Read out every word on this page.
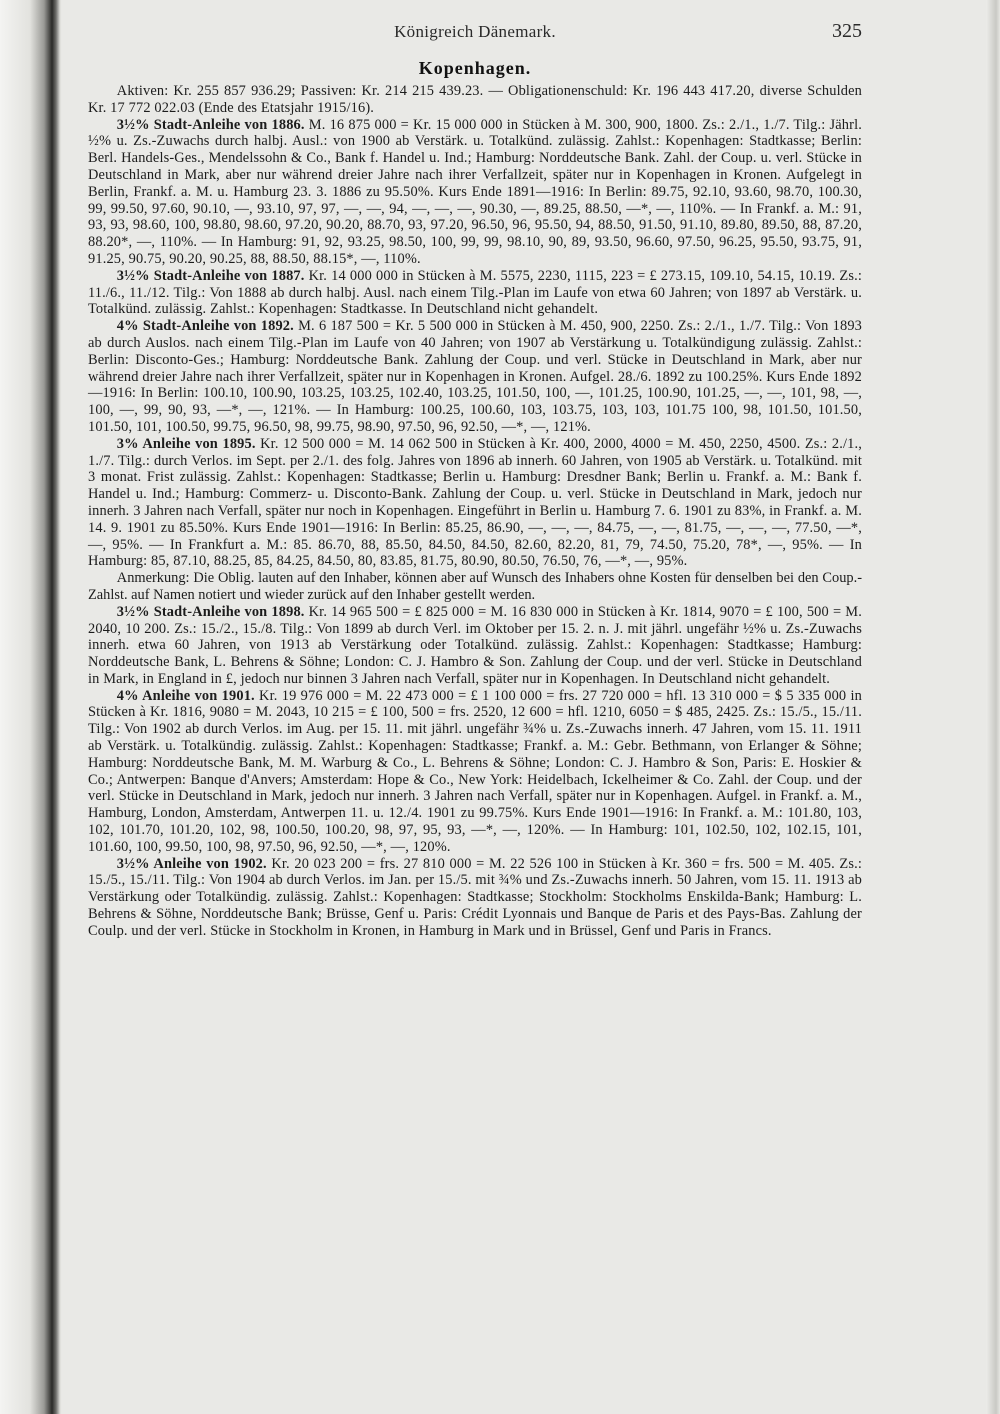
Königreich Dänemark.	325
Kopenhagen.

Aktiven: Kr. 255 857 936.29; Passiven: Kr. 214 215 439.23. — Obligationenschuld: Kr. 196 443 417.20, diverse Schulden Kr. 17 772 022.03 (Ende des Etatsjahr 1915/16).

3½% Stadt-Anleihe von 1886. M. 16 875 000 = Kr. 15 000 000 in Stücken à M. 300, 900, 1800. Zs.: 2./1., 1./7. Tilg.: Jährl. ½% u. Zs.-Zuwachs durch halbj. Ausl.: von 1900 ab Verstärk. u. Totalkünd. zulässig. Zahlst.: Kopenhagen: Stadtkasse; Berlin: Berl. Handels-Ges., Mendelssohn & Co., Bank f. Handel u. Ind.; Hamburg: Norddeutsche Bank. Zahl. der Coup. u. verl. Stücke in Deutschland in Mark, aber nur während dreier Jahre nach ihrer Verfallzeit, später nur in Kopenhagen in Kronen. Aufgelegt in Berlin, Frankf. a. M. u. Hamburg 23. 3. 1886 zu 95.50%. Kurs Ende 1891—1916: In Berlin: 89.75, 92.10, 93.60, 98.70, 100.30, 99, 99.50, 97.60, 90.10, —, 93.10, 97, 97, —, —, 94, —, —, —, 90.30, —, 89.25, 88.50, —*, —, 110%. — In Frankf. a. M.: 91, 93, 93, 98.60, 100, 98.80, 98.60, 97.20, 90.20, 88.70, 93, 97.20, 96.50, 96, 95.50, 94, 88.50, 91.50, 91.10, 89.80, 89.50, 88, 87.20, 88.20*, —, 110%. — In Hamburg: 91, 92, 93.25, 98.50, 100, 99, 99, 98.10, 90, 89, 93.50, 96.60, 97.50, 96.25, 95.50, 93.75, 91, 91.25, 90.75, 90.20, 90.25, 88, 88.50, 88.15*, —, 110%.

3½% Stadt-Anleihe von 1887. Kr. 14 000 000 in Stücken à M. 5575, 2230, 1115, 223 = £ 273.15, 109.10, 54.15, 10.19. Zs.: 11./6., 11./12. Tilg.: Von 1888 ab durch halbj. Ausl. nach einem Tilg.-Plan im Laufe von etwa 60 Jahren; von 1897 ab Verstärk. u. Totalkünd. zulässig. Zahlst.: Kopenhagen: Stadtkasse. In Deutschland nicht gehandelt.

4% Stadt-Anleihe von 1892. M. 6 187 500 = Kr. 5 500 000 in Stücken à M. 450, 900, 2250. Zs.: 2./1., 1./7. Tilg.: Von 1893 ab durch Auslos. nach einem Tilg.-Plan im Laufe von 40 Jahren; von 1907 ab Verstärkung u. Totalkündigung zulässig. Zahlst.: Berlin: Disconto-Ges.; Hamburg: Norddeutsche Bank. Zahlung der Coup. und verl. Stücke in Deutschland in Mark, aber nur während dreier Jahre nach ihrer Verfallzeit, später nur in Kopenhagen in Kronen. Aufgel. 28./6. 1892 zu 100.25%. Kurs Ende 1892—1916: In Berlin: 100.10, 100.90, 103.25, 103.25, 102.40, 103.25, 101.50, 100, —, 101.25, 100.90, 101.25, —, —, 101, 98, —, 100, —, 99, 90, 93, —*, —, 121%. — In Hamburg: 100.25, 100.60, 103, 103.75, 103, 103, 101.75 100, 98, 101.50, 101.50, 101.50, 101, 100.50, 99.75, 96.50, 98, 99.75, 98.90, 97.50, 96, 92.50, —*, —, 121%.

3% Anleihe von 1895. Kr. 12 500 000 = M. 14 062 500 in Stücken à Kr. 400, 2000, 4000 = M. 450, 2250, 4500. Zs.: 2./1., 1./7. Tilg.: durch Verlos. im Sept. per 2./1. des folg. Jahres von 1896 ab innerh. 60 Jahren, von 1905 ab Verstärk. u. Totalkünd. mit 3 monat. Frist zulässig. Zahlst.: Kopenhagen: Stadtkasse; Berlin u. Hamburg: Dresdner Bank; Berlin u. Frankf. a. M.: Bank f. Handel u. Ind.; Hamburg: Commerz- u. Disconto-Bank. Zahlung der Coup. u. verl. Stücke in Deutschland in Mark, jedoch nur innerh. 3 Jahren nach Verfall, später nur noch in Kopenhagen. Eingeführt in Berlin u. Hamburg 7. 6. 1901 zu 83%, in Frankf. a. M. 14. 9. 1901 zu 85.50%. Kurs Ende 1901—1916: In Berlin: 85.25, 86.90, —, —, —, 84.75, —, —, 81.75, —, —, —, 77.50, —*, —, 95%. — In Frankfurt a. M.: 85. 86.70, 88, 85.50, 84.50, 84.50, 82.60, 82.20, 81, 79, 74.50, 75.20, 78*, —, 95%. — In Hamburg: 85, 87.10, 88.25, 85, 84.25, 84.50, 80, 83.85, 81.75, 80.90, 80.50, 76.50, 76, —*, —, 95%.

Anmerkung: Die Oblig. lauten auf den Inhaber, können aber auf Wunsch des Inhabers ohne Kosten für denselben bei den Coup.-Zahlst. auf Namen notiert und wieder zurück auf den Inhaber gestellt werden.

3½% Stadt-Anleihe von 1898. Kr. 14 965 500 = £ 825 000 = M. 16 830 000 in Stücken à Kr. 1814, 9070 = £ 100, 500 = M. 2040, 10 200. Zs.: 15./2., 15./8. Tilg.: Von 1899 ab durch Verl. im Oktober per 15. 2. n. J. mit jährl. ungefähr ½% u. Zs.-Zuwachs innerh. etwa 60 Jahren, von 1913 ab Verstärkung oder Totalkünd. zulässig. Zahlst.: Kopenhagen: Stadtkasse; Hamburg: Norddeutsche Bank, L. Behrens & Söhne; London: C. J. Hambro & Son. Zahlung der Coup. und der verl. Stücke in Deutschland in Mark, in England in £, jedoch nur binnen 3 Jahren nach Verfall, später nur in Kopenhagen. In Deutschland nicht gehandelt.

4% Anleihe von 1901. Kr. 19 976 000 = M. 22 473 000 = £ 1 100 000 = frs. 27 720 000 = hfl. 13 310 000 = $ 5 335 000 in Stücken à Kr. 1816, 9080 = M. 2043, 10 215 = £ 100, 500 = frs. 2520, 12 600 = hfl. 1210, 6050 = $ 485, 2425. Zs.: 15./5., 15./11. Tilg.: Von 1902 ab durch Verlos. im Aug. per 15. 11. mit jährl. ungefähr ¾% u. Zs.-Zuwachs innerh. 47 Jahren, vom 15. 11. 1911 ab Verstärk. u. Totalkündig. zulässig. Zahlst.: Kopenhagen: Stadtkasse; Frankf. a. M.: Gebr. Bethmann, von Erlanger & Söhne; Hamburg: Norddeutsche Bank, M. M. Warburg & Co., L. Behrens & Söhne; London: C. J. Hambro & Son, Paris: E. Hoskier & Co.; Antwerpen: Banque d'Anvers; Amsterdam: Hope & Co., New York: Heidelbach, Ickelheimer & Co. Zahl. der Coup. und der verl. Stücke in Deutschland in Mark, jedoch nur innerh. 3 Jahren nach Verfall, später nur in Kopenhagen. Aufgel. in Frankf. a. M., Hamburg, London, Amsterdam, Antwerpen 11. u. 12./4. 1901 zu 99.75%. Kurs Ende 1901—1916: In Frankf. a. M.: 101.80, 103, 102, 101.70, 101.20, 102, 98, 100.50, 100.20, 98, 97, 95, 93, —*, —, 120%. — In Hamburg: 101, 102.50, 102, 102.15, 101, 101.60, 100, 99.50, 100, 98, 97.50, 96, 92.50, —*, —, 120%.

3½% Anleihe von 1902. Kr. 20 023 200 = frs. 27 810 000 = M. 22 526 100 in Stücken à Kr. 360 = frs. 500 = M. 405. Zs.: 15./5., 15./11. Tilg.: Von 1904 ab durch Verlos. im Jan. per 15./5. mit ¾% und Zs.-Zuwachs innerh. 50 Jahren, vom 15. 11. 1913 ab Verstärkung oder Totalkündig. zulässig. Zahlst.: Kopenhagen: Stadtkasse; Stockholm: Stockholms Enskilda-Bank; Hamburg: L. Behrens & Söhne, Norddeutsche Bank; Brüsse, Genf u. Paris: Crédit Lyonnais und Banque de Paris et des Pays-Bas. Zahlung der Coulp. und der verl. Stücke in Stockholm in Kronen, in Hamburg in Mark und in Brüssel, Genf und Paris in Francs.
